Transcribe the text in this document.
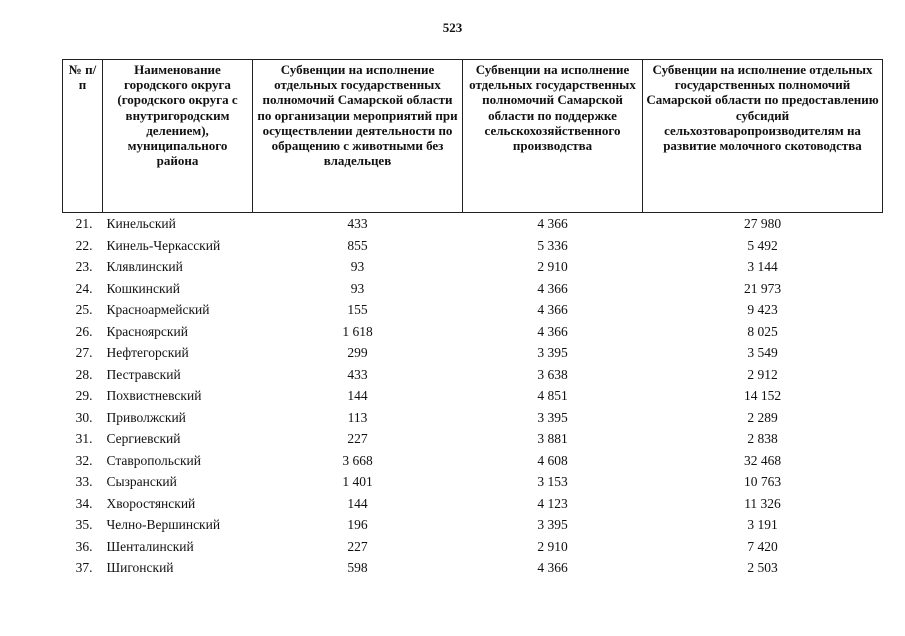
523
№ п/п	Наименование городского округа (городского округа с внутригородским делением), муниципального района	Субвенции на исполнение отдельных государственных полномочий Самарской области по организации мероприятий при осуществлении деятельности по обращению с животными без владельцев	Субвенции на исполнение отдельных государственных полномочий Самарской области по поддержке сельскохозяйственного производства	Субвенции на исполнение отдельных государственных полномочий Самарской области по предоставлению субсидий сельхозтоваропроизводителям на развитие молочного скотоводства
21.	Кинельский	433	4 366	27 980
22.	Кинель-Черкасский	855	5 336	5 492
23.	Клявлинский	93	2 910	3 144
24.	Кошкинский	93	4 366	21 973
25.	Красноармейский	155	4 366	9 423
26.	Красноярский	1 618	4 366	8 025
27.	Нефтегорский	299	3 395	3 549
28.	Пестравский	433	3 638	2 912
29.	Похвистневский	144	4 851	14 152
30.	Приволжский	113	3 395	2 289
31.	Сергиевский	227	3 881	2 838
32.	Ставропольский	3 668	4 608	32 468
33.	Сызранский	1 401	3 153	10 763
34.	Хворостянский	144	4 123	11 326
35.	Челно-Вершинский	196	3 395	3 191
36.	Шенталинский	227	2 910	7 420
37.	Шигонский	598	4 366	2 503
